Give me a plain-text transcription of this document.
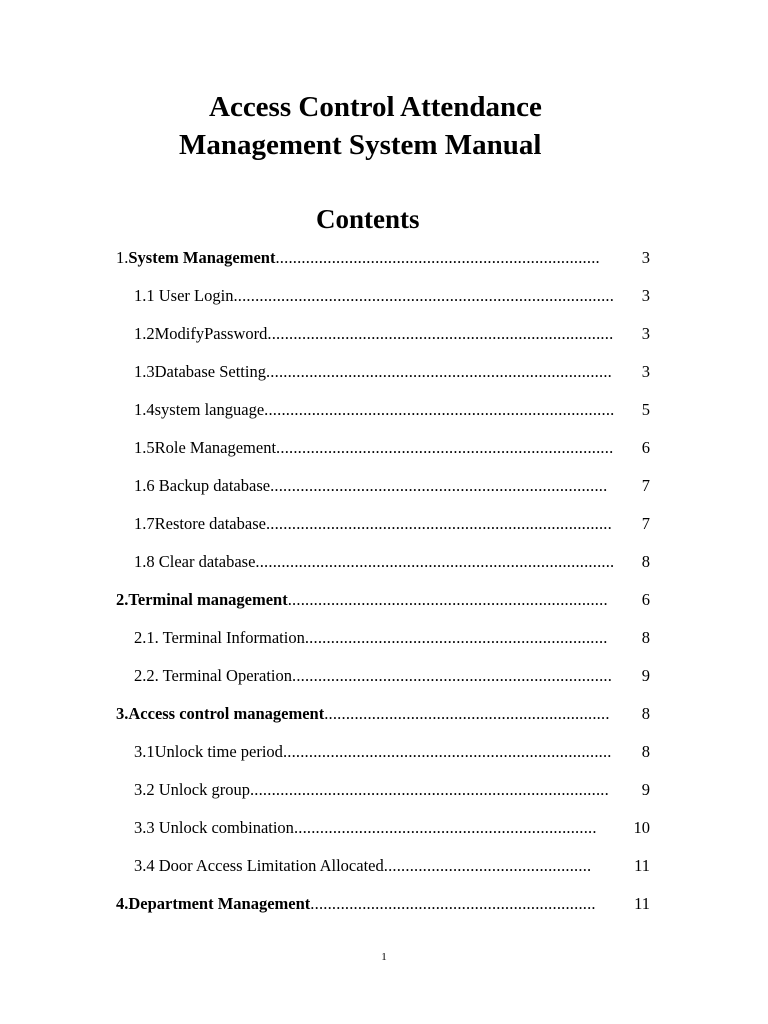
Access Control Attendance
Management System Manual
Contents
1. System Management ...........................................................................	3
1.1 User Login ........................................................................................	3
1.2ModifyPassword ................................................................................	3
1.3Database Setting ................................................................................	3
1.4system language .................................................................................	5
1.5Role Management ..............................................................................	6
1.6 Backup database ..............................................................................	7
1.7Restore database ................................................................................	7
1.8 Clear database ...................................................................................	8
2. Terminal management ..........................................................................	6
2.1. Terminal Information ......................................................................	8
2.2. Terminal Operation ..........................................................................	9
3. Access control management ..................................................................	8
3.1Unlock time period ............................................................................	8
3.2 Unlock group ...................................................................................	9
3.3 Unlock combination ......................................................................	10
3.4 Door Access Limitation Allocated ................................................	11
4. Department Management ..................................................................	11
1
